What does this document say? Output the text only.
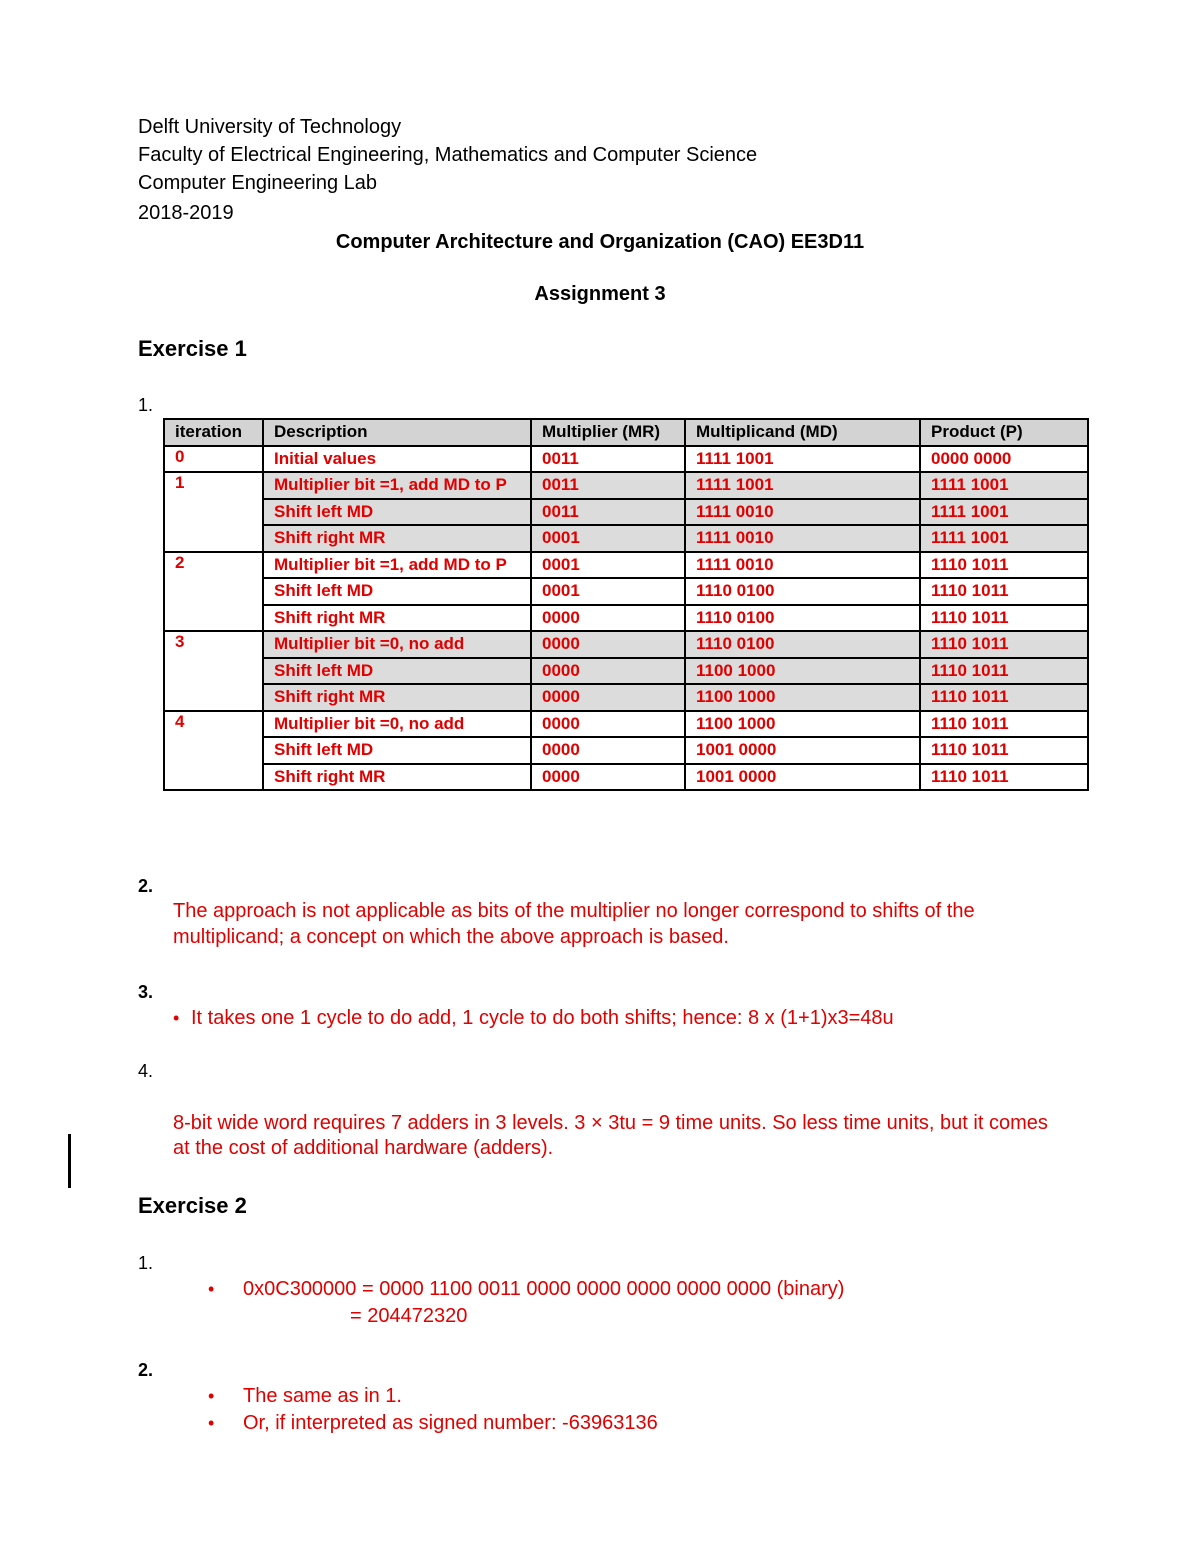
Delft University of Technology
Faculty of Electrical Engineering, Mathematics and Computer Science
Computer Engineering Lab
2018-2019
Computer Architecture and Organization (CAO) EE3D11
Assignment 3
Exercise 1
1.
iteration	Description	Multiplier (MR)	Multiplicand (MD)	Product (P)
0	Initial values	0011	1111 1001	0000 0000
1	Multiplier bit =1, add MD to P	0011	1111 1001	1111 1001
	Shift left MD	0011	1111 0010	1111 1001
	Shift right MR	0001	1111 0010	1111 1001
2	Multiplier bit =1, add MD to P	0001	1111 0010	1110 1011
	Shift left MD	0001	1110 0100	1110 1011
	Shift right MR	0000	1110 0100	1110 1011
3	Multiplier bit =0, no add	0000	1110 0100	1110 1011
	Shift left MD	0000	1100 1000	1110 1011
	Shift right MR	0000	1100 1000	1110 1011
4	Multiplier bit =0, no add	0000	1100 1000	1110 1011
	Shift left MD	0000	1001 0000	1110 1011
	Shift right MR	0000	1001 0000	1110 1011
2.
The approach is not applicable as bits of the multiplier no longer correspond to shifts of the
multiplicand; a concept on which the above approach is based.
3.
• It takes one 1 cycle to do add, 1 cycle to do both shifts; hence: 8 x (1+1)x3=48u
4.
8-bit wide word requires 7 adders in 3 levels. 3 × 3tu = 9 time units. So less time units, but it comes
at the cost of additional hardware (adders).
Exercise 2
1.
• 0x0C300000 = 0000 1100 0011 0000 0000 0000 0000 0000 (binary)
= 204472320
2.
• The same as in 1.
• Or, if interpreted as signed number: -63963136
